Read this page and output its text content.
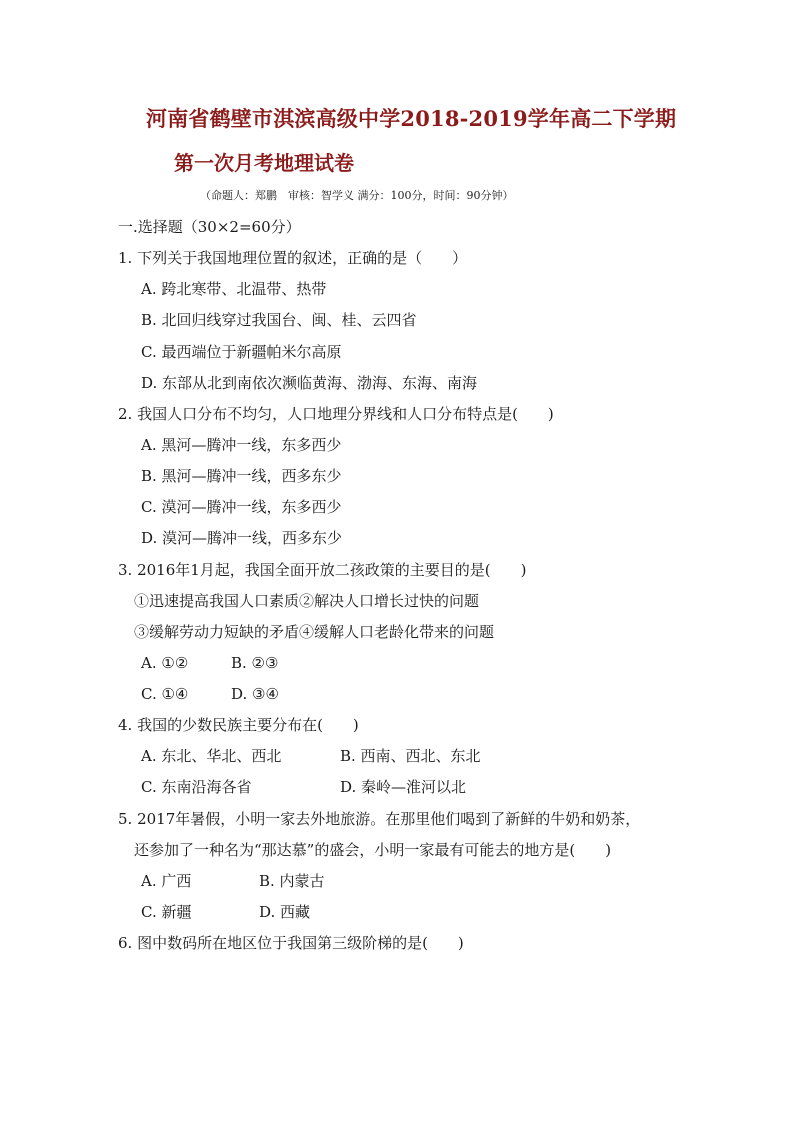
河南省鹤壁市淇滨高级中学2018-2019学年高二下学期
第一次月考地理试卷
（命题人：郑鹏　审核：智学义 满分：100分，时间：90分钟）
一.选择题（30×2=60分）
1. 下列关于我国地理位置的叙述，正确的是（　　）
A. 跨北寒带、北温带、热带
B. 北回归线穿过我国台、闽、桂、云四省
C. 最西端位于新疆帕米尔高原
D. 东部从北到南依次濒临黄海、渤海、东海、南海
2. 我国人口分布不均匀，人口地理分界线和人口分布特点是(　　)
A. 黑河—腾冲一线，东多西少
B. 黑河—腾冲一线，西多东少
C. 漠河—腾冲一线，东多西少
D. 漠河—腾冲一线，西多东少
3. 2016年1月起，我国全面开放二孩政策的主要目的是(　　)
①迅速提高我国人口素质②解决人口增长过快的问题
③缓解劳动力短缺的矛盾④缓解人口老龄化带来的问题
A. ①②	B. ②③
C. ①④	D. ③④
4. 我国的少数民族主要分布在(　　)
A. 东北、华北、西北	B. 西南、西北、东北
C. 东南沿海各省	D. 秦岭—淮河以北
5. 2017年暑假，小明一家去外地旅游。在那里他们喝到了新鲜的牛奶和奶茶，
还参加了一种名为“那达慕”的盛会，小明一家最有可能去的地方是(　　)
A. 广西	B. 内蒙古
C. 新疆	D. 西藏
6. 图中数码所在地区位于我国第三级阶梯的是(　　)
